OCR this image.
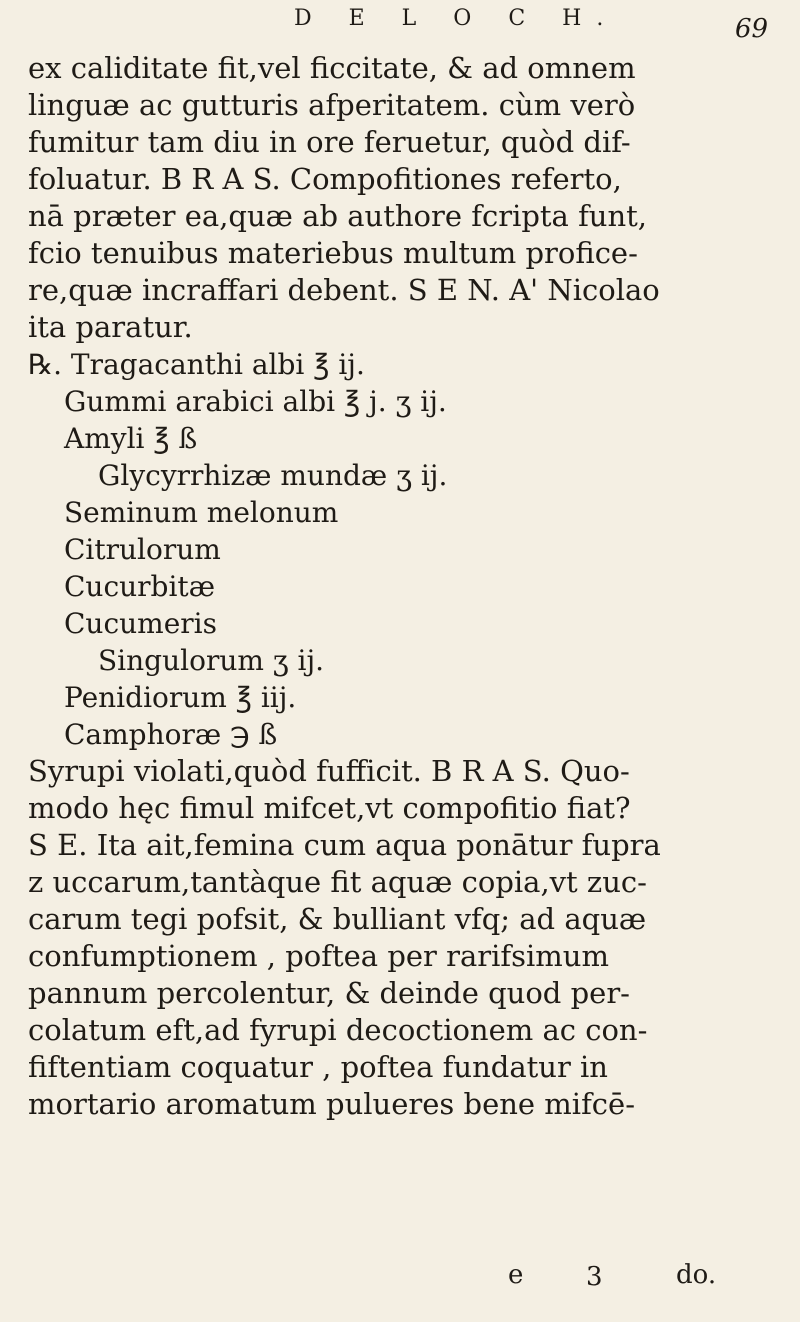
D E L O C H.	69
ex caliditate fit,vel ficcitate, & ad omnem
linguæ ac gutturis afperitatem. cùm verò
fumitur tam diu in ore feruetur, quòd dif-
foluatur. B R A S. Compofitiones referto,
nā præter ea,quæ ab authore fcripta funt,
fcio tenuibus materiebus multum profice-
re,quæ incraffari debent. S E N. A' Nicolao
ita paratur.
℞. Tragacanthi albi ℥ ij.
Gummi arabici albi ℥ j. ʒ ij.
Amyli ℥ ß
Glycyrrhizæ mundæ ʒ ij.
Seminum melonum
Citrulorum
Cucurbitæ
Cucumeris
Singulorum ʒ ij.
Penidiorum ℥ iij.
Camphoræ ℈ ß
Syrupi violati,quòd fufficit. B R A S. Quo-
modo hęc fimul mifcet,vt compofitio fiat?
S E. Ita ait,femina cum aqua ponātur fupra
z uccarum,tantàque fit aquæ copia,vt zuc-
carum tegi pofsit, & bulliant vfq; ad aquæ
confumptionem , poftea per rarifsimum
pannum percolentur, & deinde quod per-
colatum eft,ad fyrupi decoctionem ac con-
fiftentiam coquatur , poftea fundatur in
mortario aromatum pulueres bene mifcē-
e 3	do.
